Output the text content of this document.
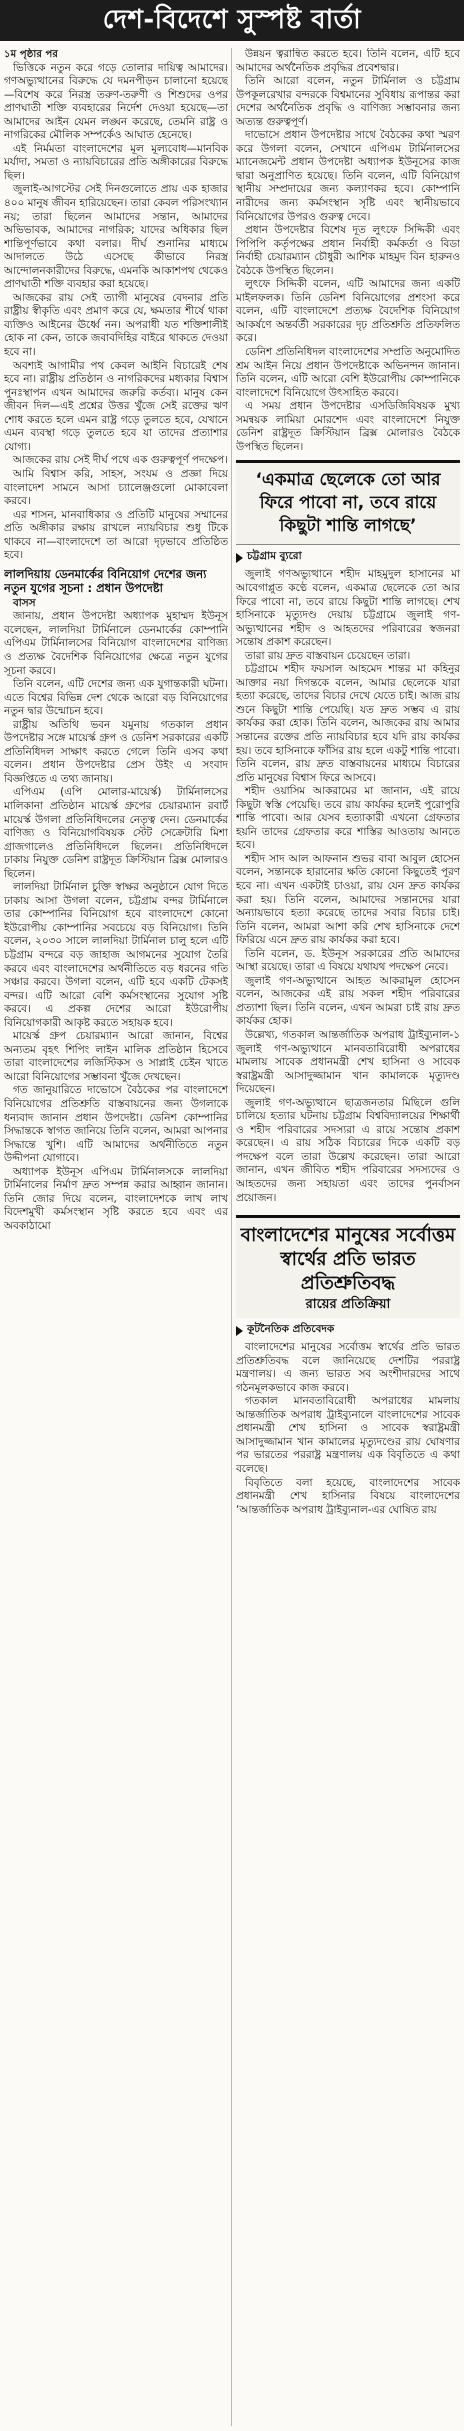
দেশ-বিদেশে সুস্পষ্ট বার্তা

১ম পৃষ্ঠার পর

ভিত্তিকে নতুন করে গড়ে তোলার দায়িত্ব আমাদের। গণঅভ্যুত্থানের বিরুদ্ধে যে দমনপীড়ন চালানো হয়েছে—বিশেষ করে নিরস্ত্র তরুণ-তরুণী ও শিশুদের ওপর প্রাণঘাতী শক্তি ব্যবহারের নির্দেশ দেওয়া হয়েছে—তা আমাদের আইন যেমন লঙ্ঘন করেছে, তেমনি রাষ্ট্র ও নাগরিকের মৌলিক সম্পর্কেও আঘাত হেনেছে।

এই নির্মমতা বাংলাদেশের মূল মূল্যবোধ—মানবিক মর্যাদা, সমতা ও ন্যায়বিচারের প্রতি অঙ্গীকারের বিরুদ্ধে ছিল।

জুলাই-আগস্টের সেই দিনগুলোতে প্রায় এক হাজার ৪০০ মানুষ জীবন হারিয়েছেন। তারা কেবল পরিসংখ্যান নয়; তারা ছিলেন আমাদের সন্তান, আমাদের অভিভাবক, আমাদের নাগরিক; যাদের অধিকার ছিল শান্তিপূর্ণভাবে কথা বলার। দীর্ঘ শুনানির মাধ্যমে আদালতে উঠে এসেছে কীভাবে নিরস্ত্র আন্দোলনকারীদের বিরুদ্ধে, এমনকি আকাশপথ থেকেও প্রাণঘাতী শক্তি ব্যবহার করা হয়েছে।

আজকের রায় সেই ত্যাগী মানুষের বেদনার প্রতি রাষ্ট্রীয় স্বীকৃতি এবং প্রমাণ করে যে, ক্ষমতার শীর্ষে থাকা ব্যক্তিও আইনের ঊর্ধ্বে নন। অপরাধী যত শক্তিশালীই হোক না কেন, তাকে জবাবদিহির বাইরে থাকতে দেওয়া হবে না।

অবশ্যই আগামীর পথ কেবল আইনি বিচারেই শেষ হবে না। রাষ্ট্রীয় প্রতিষ্ঠান ও নাগরিকদের মধ্যকার বিশ্বাস পুনঃস্থাপন এখন আমাদের জরুরি কর্তব্য। মানুষ কেন জীবন দিল—এই প্রশ্নের উত্তর খুঁজে সেই রক্তের ঋণ শোধ করতে হলে এমন রাষ্ট্র গড়ে তুলতে হবে, যেখানে এমন ব্যবস্থা গড়ে তুলতে হবে যা তাদের প্রত্যাশার যোগ্য।

আজকের রায় সেই দীর্ঘ পথে এক গুরুত্বপূর্ণ পদক্ষেপ।

আমি বিশ্বাস করি, সাহস, সংযম ও প্রজ্ঞা দিয়ে বাংলাদেশ সামনে আসা চ্যালেঞ্জগুলো মোকাবেলা করবে।

এর শাসন, মানবাধিকার ও প্রতিটি মানুষের সম্মানের প্রতি অঙ্গীকার রক্ষায় রাখলে ন্যায়বিচার শুধু টিকে থাকবে না—বাংলাদেশে তা আরো দৃঢ়ভাবে প্রতিষ্ঠিত হবে।

লালদিয়ায় ডেনমার্কের বিনিয়োগ দেশের জন্য নতুন যুগের সূচনা : প্রধান উপদেষ্টা

বাসস

জানায়, প্রধান উপদেষ্টা অধ্যাপক মুহাম্মদ ইউনূস বলেছেন, লালদিয়া টার্মিনালে ডেনমার্কের কোম্পানি এপিএম টার্মিনালসের বিনিয়োগ বাংলাদেশের বাণিজ্য ও প্রত্যক্ষ বৈদেশিক বিনিয়োগের ক্ষেত্রে নতুন যুগের সূচনা করবে।

তিনি বলেন, এটি দেশের জন্য এক যুগান্তকারী ঘটনা। এতে বিশ্বের বিভিন্ন দেশ থেকে আরো বড় বিনিয়োগের নতুন দ্বার উন্মোচন হবে।

রাষ্ট্রীয় অতিথি ভবন যমুনায় গতকাল প্রধান উপদেষ্টার সঙ্গে মায়ের্স্ক গ্রুপ ও ডেনিশ সরকারের একটি প্রতিনিধিদল সাক্ষাৎ করতে গেলে তিনি এসব কথা বলেন। প্রধান উপদেষ্টার প্রেস উইং এ সংবাদ বিজ্ঞপ্তিতে এ তথ্য জানায়।

এপিএম (এপি মোলার-মায়ের্স্ক) টার্মিনালসের মালিকানা প্রতিষ্ঠান মায়ের্স্ক গ্রুপের চেয়ারম্যান রবার্ট মায়ের্স্ক উগলা প্রতিনিধিদলের নেতৃত্ব দেন। ডেনমার্কের বাণিজ্য ও বিনিয়োগবিষয়ক স্টেট সেক্রেটারি মিশা গ্রাজগালেও প্রতিনিধিদলে ছিলেন। প্রতিনিধিদলে ঢাকায় নিযুক্ত ডেনিশ রাষ্ট্রদূত ক্রিস্টিয়ান ব্রিক্স মোলারও ছিলেন।

লালদিয়া টার্মিনাল চুক্তি স্বাক্ষর অনুষ্ঠানে যোগ দিতে ঢাকায় আসা উগলা বলেন, চট্টগ্রাম বন্দর টার্মিনালে তার কোম্পানির বিনিয়োগ হবে বাংলাদেশে কোনো ইউরোপীয় কোম্পানির সবচেয়ে বড় বিনিয়োগ। তিনি বলেন, ২০৩০ সালে লালদিয়া টার্মিনাল চালু হলে এটি চট্টগ্রাম বন্দরে বড় জাহাজ আগমনের সুযোগ তৈরি করবে এবং বাংলাদেশের অর্থনীতিতে বড় ধরনের গতি সঞ্চার করবে। উগলা বলেন, এটি হবে একটি টেকসই বন্দর। এটি আরো বেশি কর্মসংস্থানের সুযোগ সৃষ্টি করবে। এ প্রকল্প দেশের আরো ইউরোপীয় বিনিয়োগকারী আকৃষ্ট করতে সহায়ক হবে।

মায়ের্স্ক গ্রুপ চেয়ারম্যান আরো জানান, বিশ্বের অন্যতম বৃহৎ শিপিং লাইন মালিক প্রতিষ্ঠান হিসেবে তারা বাংলাদেশের লজিস্টিকস ও সাপ্লাই চেইন খাতে আরো বিনিয়োগের সম্ভাবনা খুঁজে দেখছেন।

গত জানুয়ারিতে দাভোসে বৈঠকের পর বাংলাদেশে বিনিয়োগের প্রতিশ্রুতি বাস্তবায়নের জন্য উগলাকে ধন্যবাদ জানান প্রধান উপদেষ্টা। ডেনিশ কোম্পানির সিদ্ধান্তকে স্বাগত জানিয়ে তিনি বলেন, আমরা আপনার সিদ্ধান্তে খুশি। এটি আমাদের অর্থনীতিতে নতুন উদ্দীপনা যোগাবে।

অধ্যাপক ইউনূস এপিএম টার্মিনালসকে লালদিয়া টার্মিনালের নির্মাণ দ্রুত সম্পন্ন করার আহ্বান জানান। তিনি জোর দিয়ে বলেন, বাংলাদেশকে লাখ লাখ বিদেশমুখী কর্মসংস্থান সৃষ্টি করতে হবে এবং এর অবকাঠামো

উন্নয়ন ত্বরান্বিত করতে হবে। তিনি বলেন, এটি হবে আমাদের অর্থনৈতিক প্রবৃদ্ধির প্রবেশদ্বার।

তিনি আরো বলেন, নতুন টার্মিনাল ও চট্টগ্রাম উপকূলরেখার বন্দরকে বিশ্বমানের সুবিধায় রূপান্তর করা দেশের অর্থনৈতিক প্রবৃদ্ধি ও বাণিজ্য সম্ভাবনার জন্য অত্যন্ত গুরুত্বপূর্ণ।

দাভোসে প্রধান উপদেষ্টার সাথে বৈঠকের কথা স্মরণ করে উগলা বলেন, সেখানে এপিএম টার্মিনালসের ম্যানেজমেন্ট প্রধান উপদেষ্টা অধ্যাপক ইউনূসের কাজ দ্বারা অনুপ্রাণিত হয়েছে। তিনি বলেন, এটি বিনিয়োগ স্থানীয় সম্প্রদায়ের জন্য কল্যাণকর হবে। কোম্পানি নারীদের জন্য কর্মসংস্থান সৃষ্টি এবং স্থানীয়ভাবে বিনিয়োগের উপরও গুরুত্ব দেবে।

প্রধান উপদেষ্টার বিশেষ দূত লুৎফে সিদ্দিকী এবং পিপিপি কর্তৃপক্ষের প্রধান নির্বাহী কর্মকর্তা ও বিডা নির্বাহী চেয়ারম্যান চৌধুরী আশিক মাহমুদ বিন হারুনও বৈঠকে উপস্থিত ছিলেন।

লুৎফে সিদ্দিকী বলেন, এটি আমাদের জন্য একটি মাইলফলক। তিনি ডেনিশ বিনিয়োগের প্রশংসা করে বলেন, এটি বাংলাদেশে প্রত্যক্ষ বৈদেশিক বিনিয়োগ আকর্ষণে অন্তর্বর্তী সরকারের দৃঢ় প্রতিশ্রুতি প্রতিফলিত করে।

ডেনিশ প্রতিনিধিদল বাংলাদেশের সম্প্রতি অনুমোদিত শ্রম আইন নিয়ে প্রধান উপদেষ্টাকে অভিনন্দন জানান। তিনি বলেন, এটি আরো বেশি ইউরোপীয় কোম্পানিকে বাংলাদেশে বিনিয়োগে উৎসাহিত করবে।

এ সময় প্রধান উপদেষ্টার এসডিজিবিষয়ক মুখ্য সমন্বয়ক লামিয়া মোরশেদ এবং বাংলাদেশে নিযুক্ত ডেনিশ রাষ্ট্রদূত ক্রিস্টিয়ান ব্রিক্স মোলারও বৈঠকে উপস্থিত ছিলেন।

‘একমাত্র ছেলেকে তো আর ফিরে পাবো না, তবে রায়ে কিছুটা শান্তি লাগছে’
চট্টগ্রাম ব্যুরো

জুলাই গণঅভ্যুত্থানে শহীদ মাহমুদুল হাসানের মা আবেগাপ্লুত কণ্ঠে বলেন, একমাত্র ছেলেকে তো আর ফিরে পাবো না, তবে রায়ে কিছুটা শান্তি লাগছে। শেখ হাসিনাকে মৃত্যুদণ্ড দেয়ায় চট্টগ্রামে জুলাই গণ-অভ্যুত্থানের শহীদ ও আহতদের পরিবারের স্বজনরা সন্তোষ প্রকাশ করেছেন।

তারা রায় দ্রুত বাস্তবায়ন চেয়েছেন তারা।

চট্টগ্রামে শহীদ ফয়সাল আহমেদ শান্তর মা কহিনুর আক্তার নয়া দিগন্তকে বলেন, আমার ছেলেকে যারা হত্যা করেছে, তাদের বিচার দেখে যেতে চাই। আজ রায় শুনে কিছুটা শান্তি পেয়েছি। যত দ্রুত সম্ভব এ রায় কার্যকর করা হোক। তিনি বলেন, আজকের রায় আমার সন্তানের রক্তের প্রতি ন্যায়বিচার হবে যদি রায় কার্যকর হয়। তবে হাসিনাকে ফাঁসির রায় হলে একটু শান্তি পাবো। তিনি বলেন, রায় দ্রুত বাস্তবায়নের মাধ্যমে বিচারের প্রতি মানুষের বিশ্বাস ফিরে আসবে।

শহীদ ওয়াসিম আকরামের মা জানান, এই রায়ে কিছুটা স্বস্তি পেয়েছি। তবে রায় কার্যকর হলেই পুরোপুরি শান্তি পাবো। আর যেসব হত্যাকারী এখনো গ্রেফতার হয়নি তাদের গ্রেফতার করে শাস্তির আওতায় আনতে হবে।

শহীদ সাদ আল আফনান শুভর বাবা আবুল হোসেন বলেন, সন্তানকে হারানোর ক্ষতি কোনো কিছুতেই পূরণ হবে না। এখন একটাই চাওয়া, রায় যেন দ্রুত কার্যকর করা হয়। তিনি বলেন, আমাদের সন্তানদের যারা অন্যায়ভাবে হত্যা করেছে তাদের সবার বিচার চাই। তিনি বলেন, আমরা আশা করি শেখ হাসিনাকে দেশে ফিরিয়ে এনে দ্রুত রায় কার্যকর করা হবে।

তিনি বলেন, ড. ইউনূস সরকারের প্রতি আমাদের আস্থা রয়েছে। তারা এ বিষয়ে যথাযথ পদক্ষেপ নেবে।

জুলাই গণ-অভ্যুত্থানে আহত আকরামুল হোসেন বলেন, আজকের এই রায় সকল শহীদ পরিবারের প্রত্যাশা ছিল। তিনি বলেন, এখন আমরা চাই রায় দ্রুত কার্যকর হোক।

উল্লেখ্য, গতকাল আন্তর্জাতিক অপরাধ ট্রাইব্যুনাল-১ জুলাই গণ-অভ্যুত্থানে মানবতাবিরোধী অপরাধের মামলায় সাবেক প্রধানমন্ত্রী শেখ হাসিনা ও সাবেক স্বরাষ্ট্রমন্ত্রী আসাদুজ্জামান খান কামালকে মৃত্যুদণ্ড দিয়েছেন।

জুলাই গণ-অভ্যুত্থানে ছাত্রজনতার মিছিলে গুলি চালিয়ে হত্যার ঘটনায় চট্টগ্রাম বিশ্ববিদ্যালয়ের শিক্ষার্থী ও শহীদ পরিবারের সদস্যরা এ রায়ে সন্তোষ প্রকাশ করেছেন। এ রায় সঠিক বিচারের দিকে একটি বড় পদক্ষেপ বলে তারা উল্লেখ করেছেন। তারা আরো জানান, এখন জীবিত শহীদ পরিবারের সদস্যদের ও আহতদের জন্য সহায়তা এবং তাদের পুনর্বাসন প্রয়োজন।

বাংলাদেশের মানুষের সর্বোত্তম স্বার্থের প্রতি ভারত প্রতিশ্রুতিবদ্ধ
রায়ের প্রতিক্রিয়া
কূটনৈতিক প্রতিবেদক

বাংলাদেশের মানুষের সর্বোত্তম স্বার্থের প্রতি ভারত প্রতিশ্রুতিবদ্ধ বলে জানিয়েছে দেশটির পররাষ্ট্র মন্ত্রণালয়। এ জন্য ভারত সব অংশীদারদের সাথে গঠনমূলকভাবে কাজ করবে।

গতকাল মানবতাবিরোধী অপরাধের মামলায় আন্তর্জাতিক অপরাধ ট্রাইব্যুনালে বাংলাদেশের সাবেক প্রধানমন্ত্রী শেখ হাসিনা ও সাবেক স্বরাষ্ট্রমন্ত্রী আসাদুজ্জামান খান কামালের মৃত্যুদণ্ডের রায় ঘোষণার পর ভারতের পররাষ্ট্র মন্ত্রণালয় এক বিবৃতিতে এ কথা বলেছে।

বিবৃতিতে বলা হয়েছে, বাংলাদেশের সাবেক প্রধানমন্ত্রী শেখ হাসিনার বিষয়ে বাংলাদেশের ‘আন্তর্জাতিক অপরাধ ট্রাইব্যুনাল-এর ঘোষিত রায়
